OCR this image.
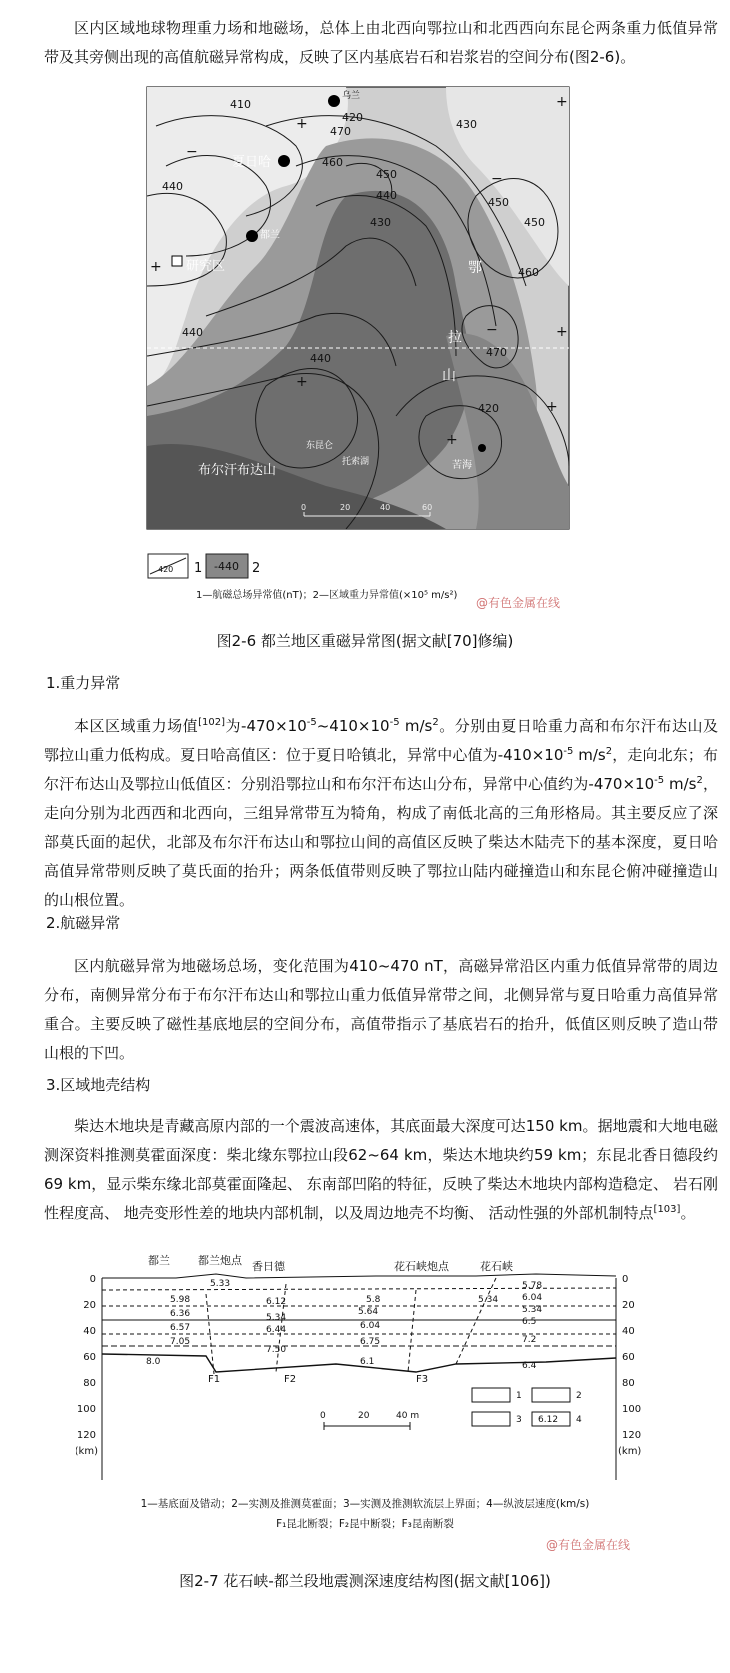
区内区域地球物理重力场和地磁场，总体上由北西向鄂拉山和北西西向东昆仑两条重力低值异常带及其旁侧出现的高值航磁异常构成，反映了区内基底岩石和岩浆岩的空间分布(图2-6)。

410
420
470
460
450
440
430
430
450
460
440
440
470
420
440
450
+
+
−
+
+
−
+
+
+
−
乌兰
夏日哈
都兰
研究区
苦海
鄂
拉
山
布尔汗布达山
东昆仑
托索湖
0	20	40	60
420 1 -440 2
1—航磁总场异常值(nT)；2—区域重力异常值(×10⁵ m/s²)
@有色金属在线

图2-6 都兰地区重磁异常图(据文献[70]修编)

1.重力异常

本区区域重力场值[102]为$-470\times 10^{-5}\sim 410\times 10^{-5}$ $m/s^2$。分别由夏日哈重力高和布尔汗布达山及鄂拉山重力低构成。夏日哈高值区：位于夏日哈镇北，异常中心值为$-410\times 10^{-5}$ $m/s^2$，走向北东；布尔汗布达山及鄂拉山低值区：分别沿鄂拉山和布尔汗布达山分布，异常中心值约为$-470\times 10^{-5}$ $m/s^2$，走向分别为北西西和北西向，三组异常带互为犄角，构成了南低北高的三角形格局。其主要反应了深部莫氏面的起伏，北部及布尔汗布达山和鄂拉山间的高值区反映了柴达木陆壳下的基本深度，夏日哈高值异常带则反映了莫氏面的抬升；两条低值带则反映了鄂拉山陆内碰撞造山和东昆仑俯冲碰撞造山的山根位置。

2.航磁异常

区内航磁异常为地磁场总场，变化范围为410~470 nT，高磁异常沿区内重力低值异常带的周边分布，南侧异常分布于布尔汗布达山和鄂拉山重力低值异常带之间，北侧异常与夏日哈重力高值异常重合。主要反映了磁性基底地层的空间分布，高值带指示了基底岩石的抬升，低值区则反映了造山带山根的下凹。

3.区域地壳结构

柴达木地块是青藏高原内部的一个震波高速体，其底面最大深度可达150 km。据地震和大地电磁测深资料推测莫霍面深度：柴北缘东鄂拉山段62~64 km，柴达木地块约59 km；东昆北香日德段约69 km，显示柴东缘北部莫霍面隆起、 东南部凹陷的特征，反映了柴达木地块内部构造稳定、 岩石刚性程度高、 地壳变形性差的地块内部机制，以及周边地壳不均衡、 活动性强的外部机制特点[103]。

都兰	都兰炮点 香日德	花石峡炮点	花石峡
0
20
40
60
80
100
120
(km)
0
20
40
60
80
100
120
(km)
5.33
5.98
6.36
6.57
7.05
8.0
6.12
5.34
6.44
7.50
5.8
5.64
6.04
6.75
6.1
5.78
6.04
5.34
6.5
7.2
5.34
6.4
F1	F2	F3
0	20	40 m
1	2
3	4
6.12
1—基底面及错动；2—实测及推测莫霍面；3—实测及推测软流层上界面；4—纵波层速度(km/s)
F₁昆北断裂；F₂昆中断裂；F₃昆南断裂
@有色金属在线

图2-7 花石峡-都兰段地震测深速度结构图(据文献[106])
